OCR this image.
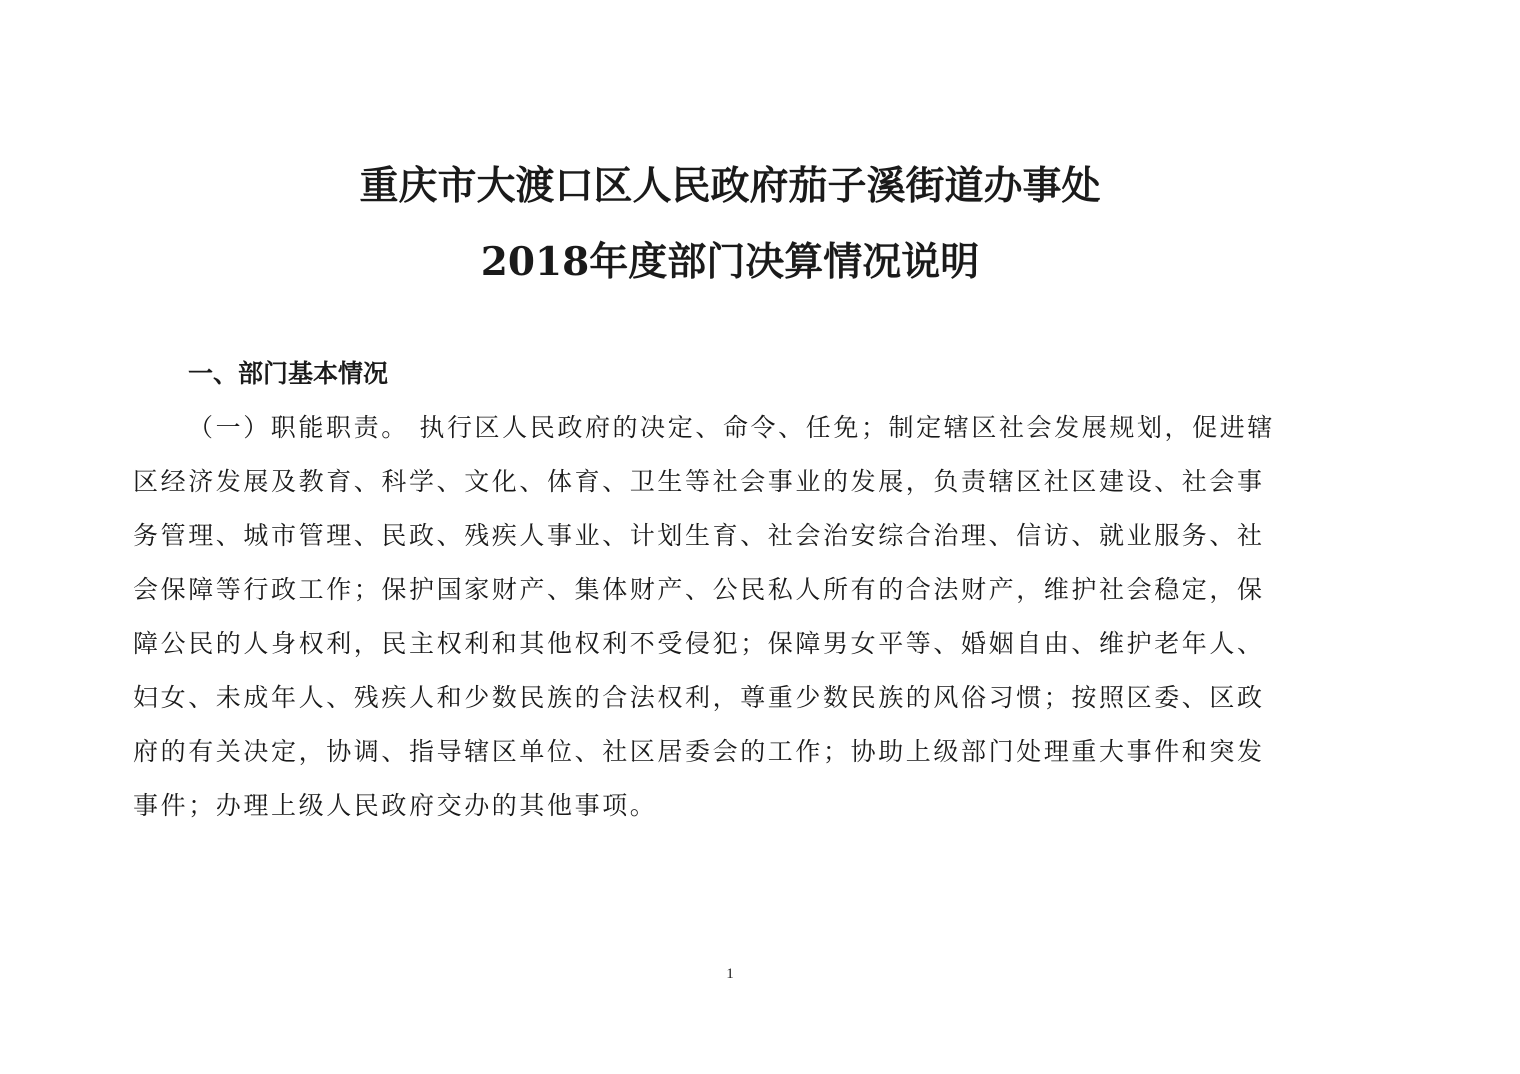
重庆市大渡口区人民政府茄子溪街道办事处
2018年度部门决算情况说明
一、部门基本情况

（一）职能职责。 执行区人民政府的决定、命令、任免；制定辖区社会发展规划，促进辖

区经济发展及教育、科学、文化、体育、卫生等社会事业的发展，负责辖区社区建设、社会事

务管理、城市管理、民政、残疾人事业、计划生育、社会治安综合治理、信访、就业服务、社

会保障等行政工作；保护国家财产、集体财产、公民私人所有的合法财产，维护社会稳定，保

障公民的人身权利，民主权利和其他权利不受侵犯；保障男女平等、婚姻自由、维护老年人、

妇女、未成年人、残疾人和少数民族的合法权利，尊重少数民族的风俗习惯；按照区委、区政

府的有关决定，协调、指导辖区单位、社区居委会的工作；协助上级部门处理重大事件和突发

事件；办理上级人民政府交办的其他事项。

1
